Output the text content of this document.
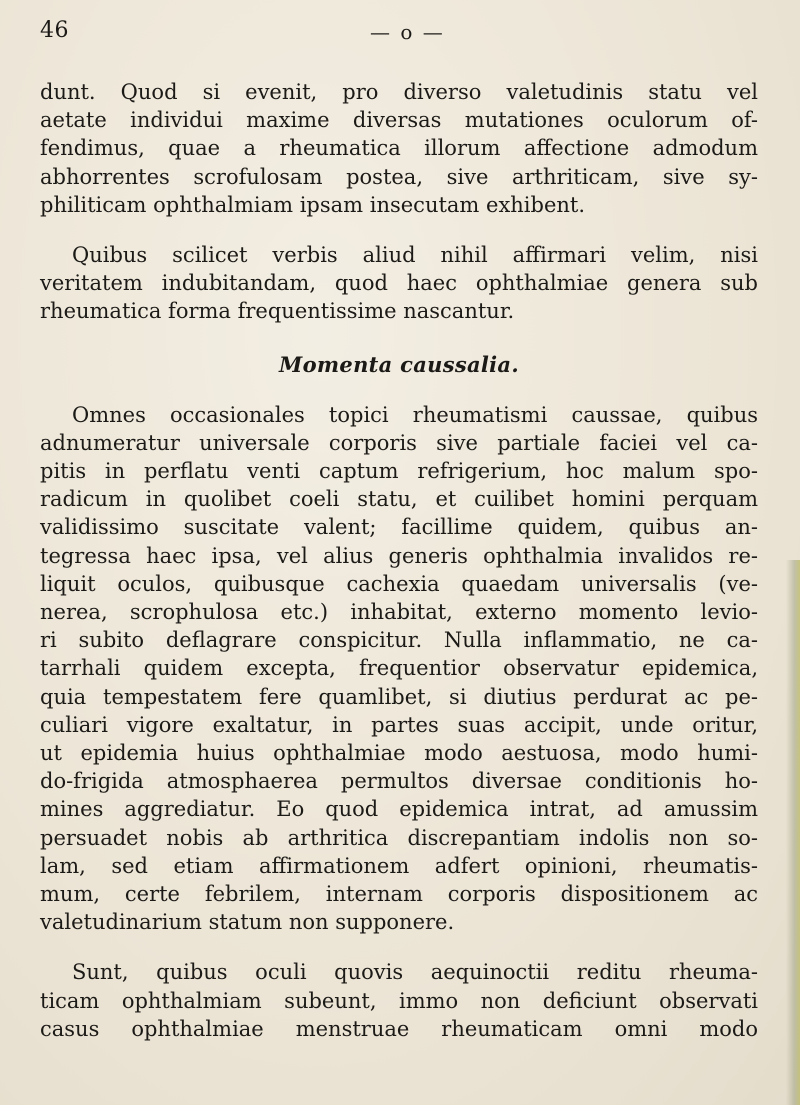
46	— o —

dunt. Quod si evenit, pro diverso valetudinis statu vel
aetate individui maxime diversas mutationes oculorum of-
fendimus, quae a rheumatica illorum affectione admodum
abhorrentes scrofulosam postea, sive arthriticam, sive sy-
philiticam ophthalmiam ipsam insecutam exhibent.

Quibus scilicet verbis aliud nihil affirmari velim, nisi
veritatem indubitandam, quod haec ophthalmiae genera sub
rheumatica forma frequentissime nascantur.

Momenta caussalia.

Omnes occasionales topici rheumatismi caussae, quibus
adnumeratur universale corporis sive partiale faciei vel ca-
pitis in perflatu venti captum refrigerium, hoc malum spo-
radicum in quolibet coeli statu, et cuilibet homini perquam
validissimo suscitate valent; facillime quidem, quibus an-
tegressa haec ipsa, vel alius generis ophthalmia invalidos re-
liquit oculos, quibusque cachexia quaedam universalis (ve-
nerea, scrophulosa etc.) inhabitat, externo momento levio-
ri subito deflagrare conspicitur. Nulla inflammatio, ne ca-
tarrhali quidem excepta, frequentior observatur epidemica,
quia tempestatem fere quamlibet, si diutius perdurat ac pe-
culiari vigore exaltatur, in partes suas accipit, unde oritur,
ut epidemia huius ophthalmiae modo aestuosa, modo humi-
do-frigida atmosphaerea permultos diversae conditionis ho-
mines aggrediatur. Eo quod epidemica intrat, ad amussim
persuadet nobis ab arthritica discrepantiam indolis non so-
lam, sed etiam affirmationem adfert opinioni, rheumatis-
mum, certe febrilem, internam corporis dispositionem ac
valetudinarium statum non supponere.

Sunt, quibus oculi quovis aequinoctii reditu rheuma-
ticam ophthalmiam subeunt, immo non deficiunt observati
casus ophthalmiae menstruae rheumaticam omni modo
